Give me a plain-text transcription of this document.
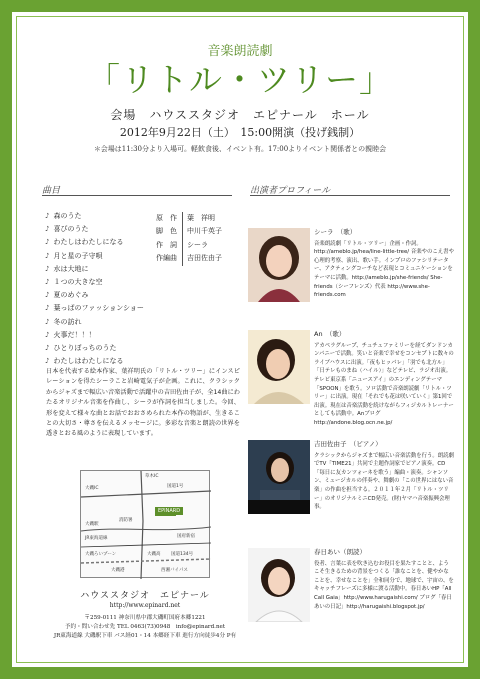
音楽朗読劇
「リトル・ツリー」
会場　ハウススタジオ　エピナール　ホール
2012年9月22日（土）　15:00開演（投げ銭制）
＊会場は11:30分より入場可。軽飲食後、イベント有。17:00よりイベント関係者との親睦会
曲目
♪ 森のうた
♪ 喜びのうた
♪ わたしはわたしになる
♪ 月と星の子守唄
♪ 水は大地に
♪ １つの大きな空
♪ 夏のめぐみ
♪ 葉っぱのファッションショー
♪ 冬の訪れ
♪ 火事だ！！！
♪ ひとりぼっちのうた
♪ わたしはわたしになる
原　作 葉　祥明
脚　色 中川千英子
作　詞 シーラ
作編曲 吉田佐由子
日本を代表する絵本作家、葉祥明氏の「リトル・ツリー」にインスピレーションを得たシーラこと岩崎電気子が企画。これに、クラシックからジャズまで幅広い音楽活動で活躍中の吉田佐由子が、全14曲にわたるオリジナル音楽を作曲し、シーラが作詞を担当しました。今回、形を変えて様々な曲とお話でおおさめられた本作の物語が、生きることの大切さ・尊さを伝えるメッセージに。多彩な音楽と朗読の世界を透きとおる風のように表現しています。
草木IC
大磯IC	国道1号
消防署
大磯駅
JR東海道線	国府新宿
大磯ろいプーン	大磯高 国道134号
大磯港	西湘バイパス
EPINARD
ハウススタジオ　エピナール
http://www.epinard.net
〒259-0111 神奈川県中郡大磯町国府本郷1221
予約・問い合わせ先 TEL 0463(73)0948　info@epinard.net
JR東海道線 大磯駅下車 バス経01・14 本郷経下車 進行方向徒歩4分 P有
出演者プロフィール
シーラ　（歌）
音楽朗読劇「リトル・ツリー」企画・作詞。http://ameblo.jp/hea/line-little-tree/ 音楽やのこえ書や心理的考察、演出、歌い手。インプロのファシリテーター、アクティングコーチなど表現とコミュニケーションをテーマに活動。http://ameblo.jp/she-friends/ She-friends（シーフレンズ）代表 http://www.she-friends.com
An　（歌）
アカペラグループ、チュチュファミリーを経てダンドンカンパニーで活動。笑いと音楽で幸せをコンセプトに数々のライブハウスに出演。「夜もヒッパレ」「羽でも北方ル」「日テレものまね（ハイル）」などテレビ、ラジオ出演。テレビ東京系「ニュースアイ」のエンディングテーマ「SPOON」を歌う。ソロ活動で音楽朗読劇「リトル・ツリー」に出演。現在「それでも花は咲いていく」第1回で出演。現在は音楽活動を続けながらフィジカルトレーナーとしても活動中。Anブログhttp://andone.blog.ocn.ne.jp/
吉田佐由子　（ピアノ）
クラシックからジャズまで幅広い音楽活動を行う。朗読劇でTV「TIME21」共同で主題作詞家でピアノ演奏。CD「毎日に友カンツォーネを歌う」編曲・演奏。シャンソン、ミュージカルの伴奏や、舞劇の「この世界にはない音楽」の作曲を担当する。２０１１年２月「リトル・ツリー」のオリジナルミニCD発売。(財)ヤマハ音楽振興会理事。
春日あい（朗読）
役者、言葉に表を吹き込むお役目を果たすことと、ようこそ生きるための背景をつくる「誰なことを、健やかなことを、幸せなことを」全和同分で、地球で、宇宙の、をキャッチフレーズに多様に渡る活動中。春日あいHP「All Call Gaia」http://www.harugaishi.com/ ブログ「春日あいの日記」http://harugaishi.blogspot.jp/
